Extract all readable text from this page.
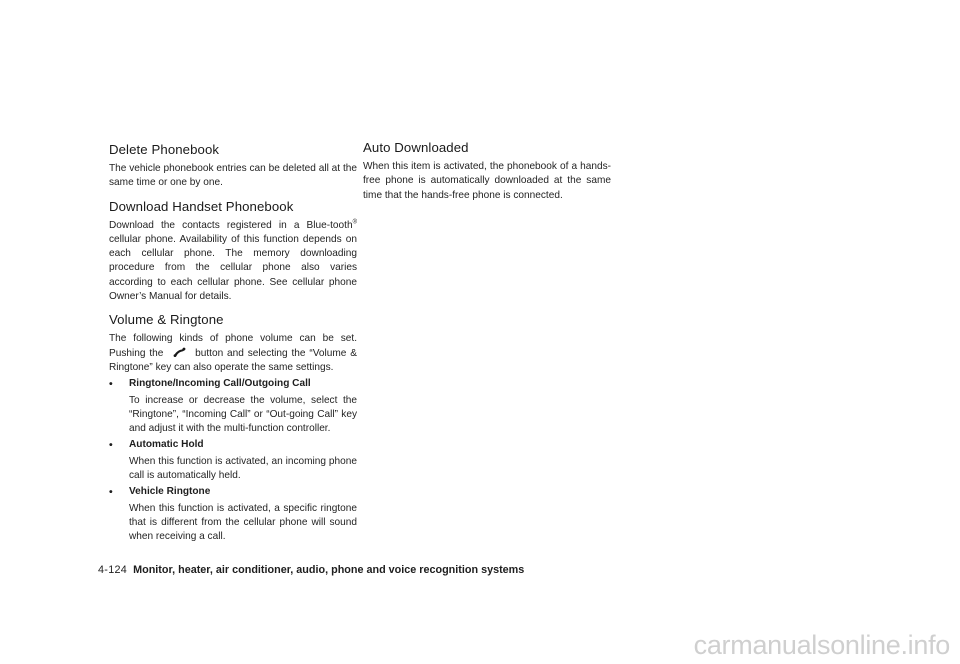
Delete Phonebook

The vehicle phonebook entries can be deleted all at the same time or one by one.

Download Handset Phonebook

Download the contacts registered in a Blue-tooth® cellular phone. Availability of this function depends on each cellular phone. The memory downloading procedure from the cellular phone also varies according to each cellular phone. See cellular phone Owner’s Manual for details.

Volume & Ringtone

The following kinds of phone volume can be set. Pushing the	button and selecting the “Volume & Ringtone” key can also operate the same settings.

• Ringtone/Incoming Call/Outgoing Call

To increase or decrease the volume, select the “Ringtone”, “Incoming Call” or “Out-going Call” key and adjust it with the multi-function controller.

• Automatic Hold

When this function is activated, an incoming phone call is automatically held.

• Vehicle Ringtone

When this function is activated, a specific ringtone that is different from the cellular phone will sound when receiving a call.

Auto Downloaded

When this item is activated, the phonebook of a hands-free phone is automatically downloaded at the same time that the hands-free phone is connected.

4-124 Monitor, heater, air conditioner, audio, phone and voice recognition systems
carmanualsonline.info
